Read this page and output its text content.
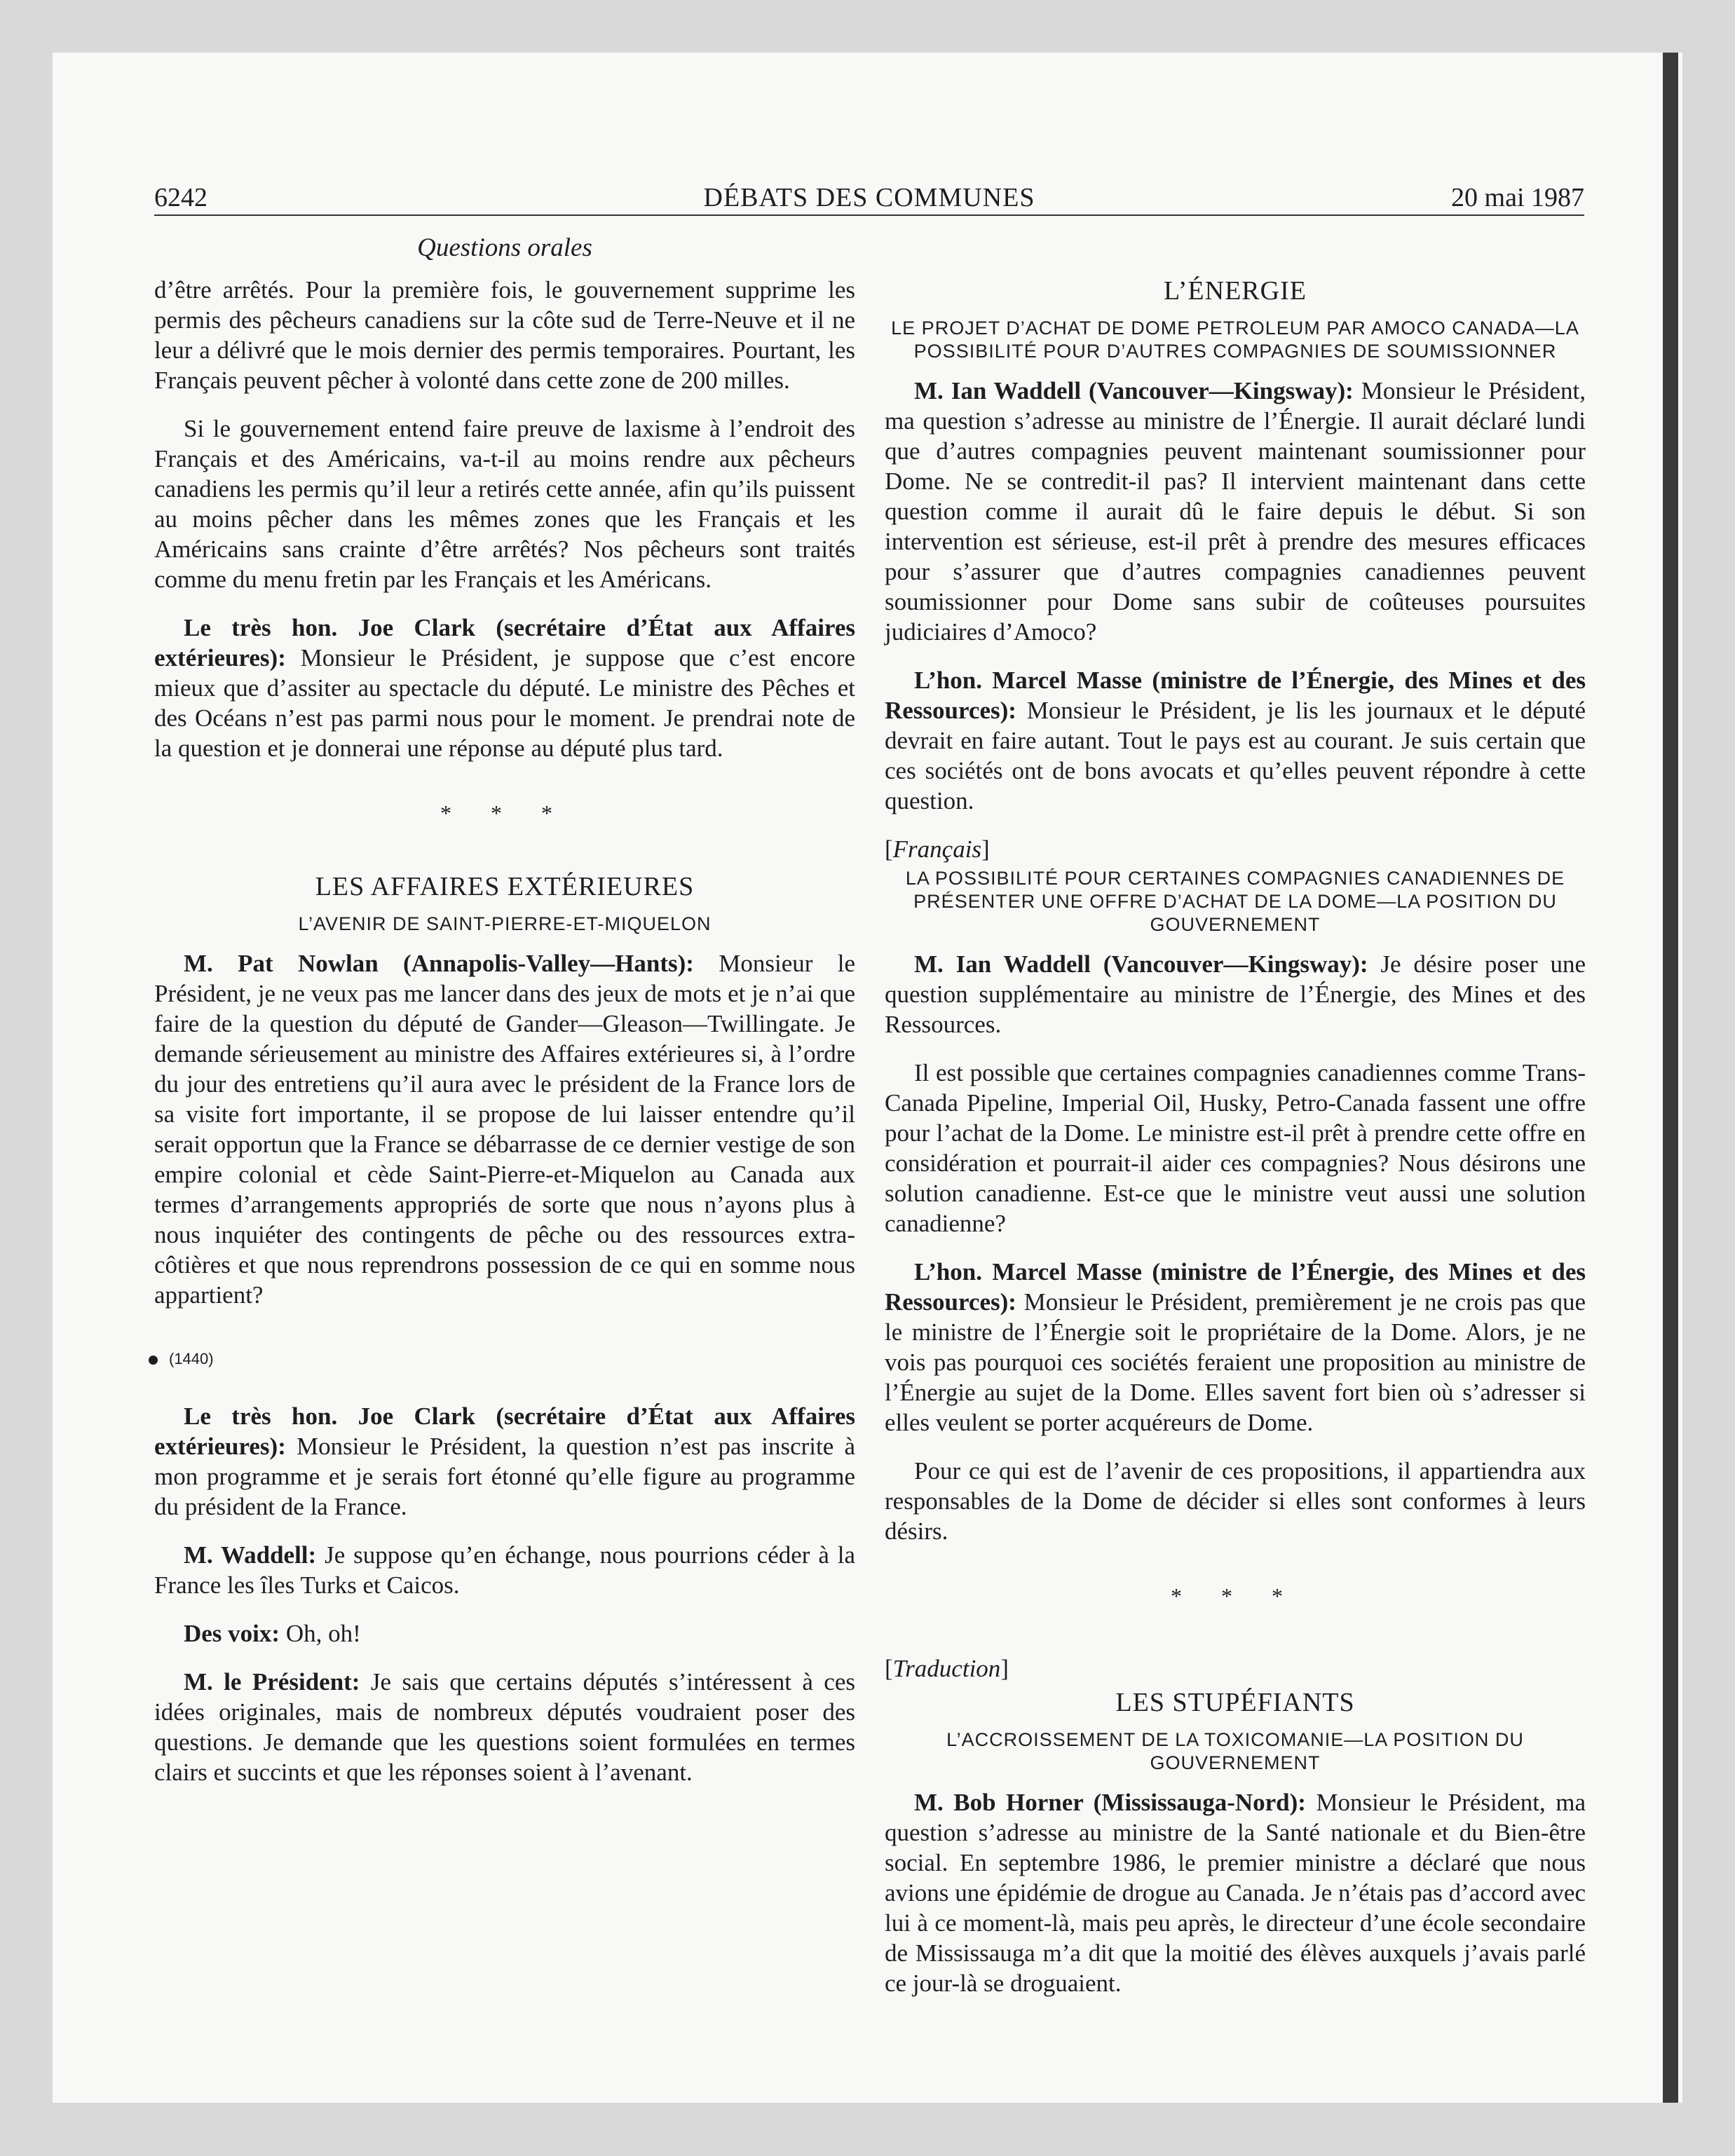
6242	DÉBATS DES COMMUNES	20 mai 1987
Questions orales

d’être arrêtés. Pour la première fois, le gouvernement supprime les permis des pêcheurs canadiens sur la côte sud de Terre-Neuve et il ne leur a délivré que le mois dernier des permis temporaires. Pourtant, les Français peuvent pêcher à volonté dans cette zone de 200 milles.

Si le gouvernement entend faire preuve de laxisme à l’endroit des Français et des Américains, va-t-il au moins rendre aux pêcheurs canadiens les permis qu’il leur a retirés cette année, afin qu’ils puissent au moins pêcher dans les mêmes zones que les Français et les Américains sans crainte d’être arrêtés? Nos pêcheurs sont traités comme du menu fretin par les Français et les Américans.

Le très hon. Joe Clark (secrétaire d’État aux Affaires extérieures): Monsieur le Président, je suppose que c’est encore mieux que d’assiter au spectacle du député. Le ministre des Pêches et des Océans n’est pas parmi nous pour le moment. Je prendrai note de la question et je donnerai une réponse au député plus tard.

* * *
LES AFFAIRES EXTÉRIEURES
L’AVENIR DE SAINT-PIERRE-ET-MIQUELON

M. Pat Nowlan (Annapolis-Valley—Hants): Monsieur le Président, je ne veux pas me lancer dans des jeux de mots et je n’ai que faire de la question du député de Gander—Gleason—Twillingate. Je demande sérieusement au ministre des Affaires extérieures si, à l’ordre du jour des entretiens qu’il aura avec le président de la France lors de sa visite fort importante, il se propose de lui laisser entendre qu’il serait opportun que la France se débarrasse de ce dernier vestige de son empire colonial et cède Saint-Pierre-et-Miquelon au Canada aux termes d’arrangements appropriés de sorte que nous n’ayons plus à nous inquiéter des contingents de pêche ou des ressources extra-côtières et que nous reprendrons possession de ce qui en somme nous appartient?

(1440)

Le très hon. Joe Clark (secrétaire d’État aux Affaires extérieures): Monsieur le Président, la question n’est pas inscrite à mon programme et je serais fort étonné qu’elle figure au programme du président de la France.

M. Waddell: Je suppose qu’en échange, nous pourrions céder à la France les îles Turks et Caicos.

Des voix: Oh, oh!

M. le Président: Je sais que certains députés s’intéressent à ces idées originales, mais de nombreux députés voudraient poser des questions. Je demande que les questions soient formulées en termes clairs et succints et que les réponses soient à l’avenant.

L’ÉNERGIE
LE PROJET D’ACHAT DE DOME PETROLEUM PAR AMOCO CANADA—LA POSSIBILITÉ POUR D’AUTRES COMPAGNIES DE SOUMISSIONNER

M. Ian Waddell (Vancouver—Kingsway): Monsieur le Président, ma question s’adresse au ministre de l’Énergie. Il aurait déclaré lundi que d’autres compagnies peuvent maintenant soumissionner pour Dome. Ne se contredit-il pas? Il intervient maintenant dans cette question comme il aurait dû le faire depuis le début. Si son intervention est sérieuse, est-il prêt à prendre des mesures efficaces pour s’assurer que d’autres compagnies canadiennes peuvent soumissionner pour Dome sans subir de coûteuses poursuites judiciaires d’Amoco?

L’hon. Marcel Masse (ministre de l’Énergie, des Mines et des Ressources): Monsieur le Président, je lis les journaux et le député devrait en faire autant. Tout le pays est au courant. Je suis certain que ces sociétés ont de bons avocats et qu’elles peuvent répondre à cette question.

[Français]
LA POSSIBILITÉ POUR CERTAINES COMPAGNIES CANADIENNES DE PRÉSENTER UNE OFFRE D’ACHAT DE LA DOME—LA POSITION DU GOUVERNEMENT

M. Ian Waddell (Vancouver—Kingsway): Je désire poser une question supplémentaire au ministre de l’Énergie, des Mines et des Ressources.

Il est possible que certaines compagnies canadiennes comme Trans-Canada Pipeline, Imperial Oil, Husky, Petro-Canada fassent une offre pour l’achat de la Dome. Le ministre est-il prêt à prendre cette offre en considération et pourrait-il aider ces compagnies? Nous désirons une solution canadienne. Est-ce que le ministre veut aussi une solution canadienne?

L’hon. Marcel Masse (ministre de l’Énergie, des Mines et des Ressources): Monsieur le Président, premièrement je ne crois pas que le ministre de l’Énergie soit le propriétaire de la Dome. Alors, je ne vois pas pourquoi ces sociétés feraient une proposition au ministre de l’Énergie au sujet de la Dome. Elles savent fort bien où s’adresser si elles veulent se porter acquéreurs de Dome.

Pour ce qui est de l’avenir de ces propositions, il appartiendra aux responsables de la Dome de décider si elles sont conformes à leurs désirs.

* * *
[Traduction]
LES STUPÉFIANTS
L’ACCROISSEMENT DE LA TOXICOMANIE—LA POSITION DU GOUVERNEMENT

M. Bob Horner (Mississauga-Nord): Monsieur le Président, ma question s’adresse au ministre de la Santé nationale et du Bien-être social. En septembre 1986, le premier ministre a déclaré que nous avions une épidémie de drogue au Canada. Je n’étais pas d’accord avec lui à ce moment-là, mais peu après, le directeur d’une école secondaire de Mississauga m’a dit que la moitié des élèves auxquels j’avais parlé ce jour-là se droguaient.
